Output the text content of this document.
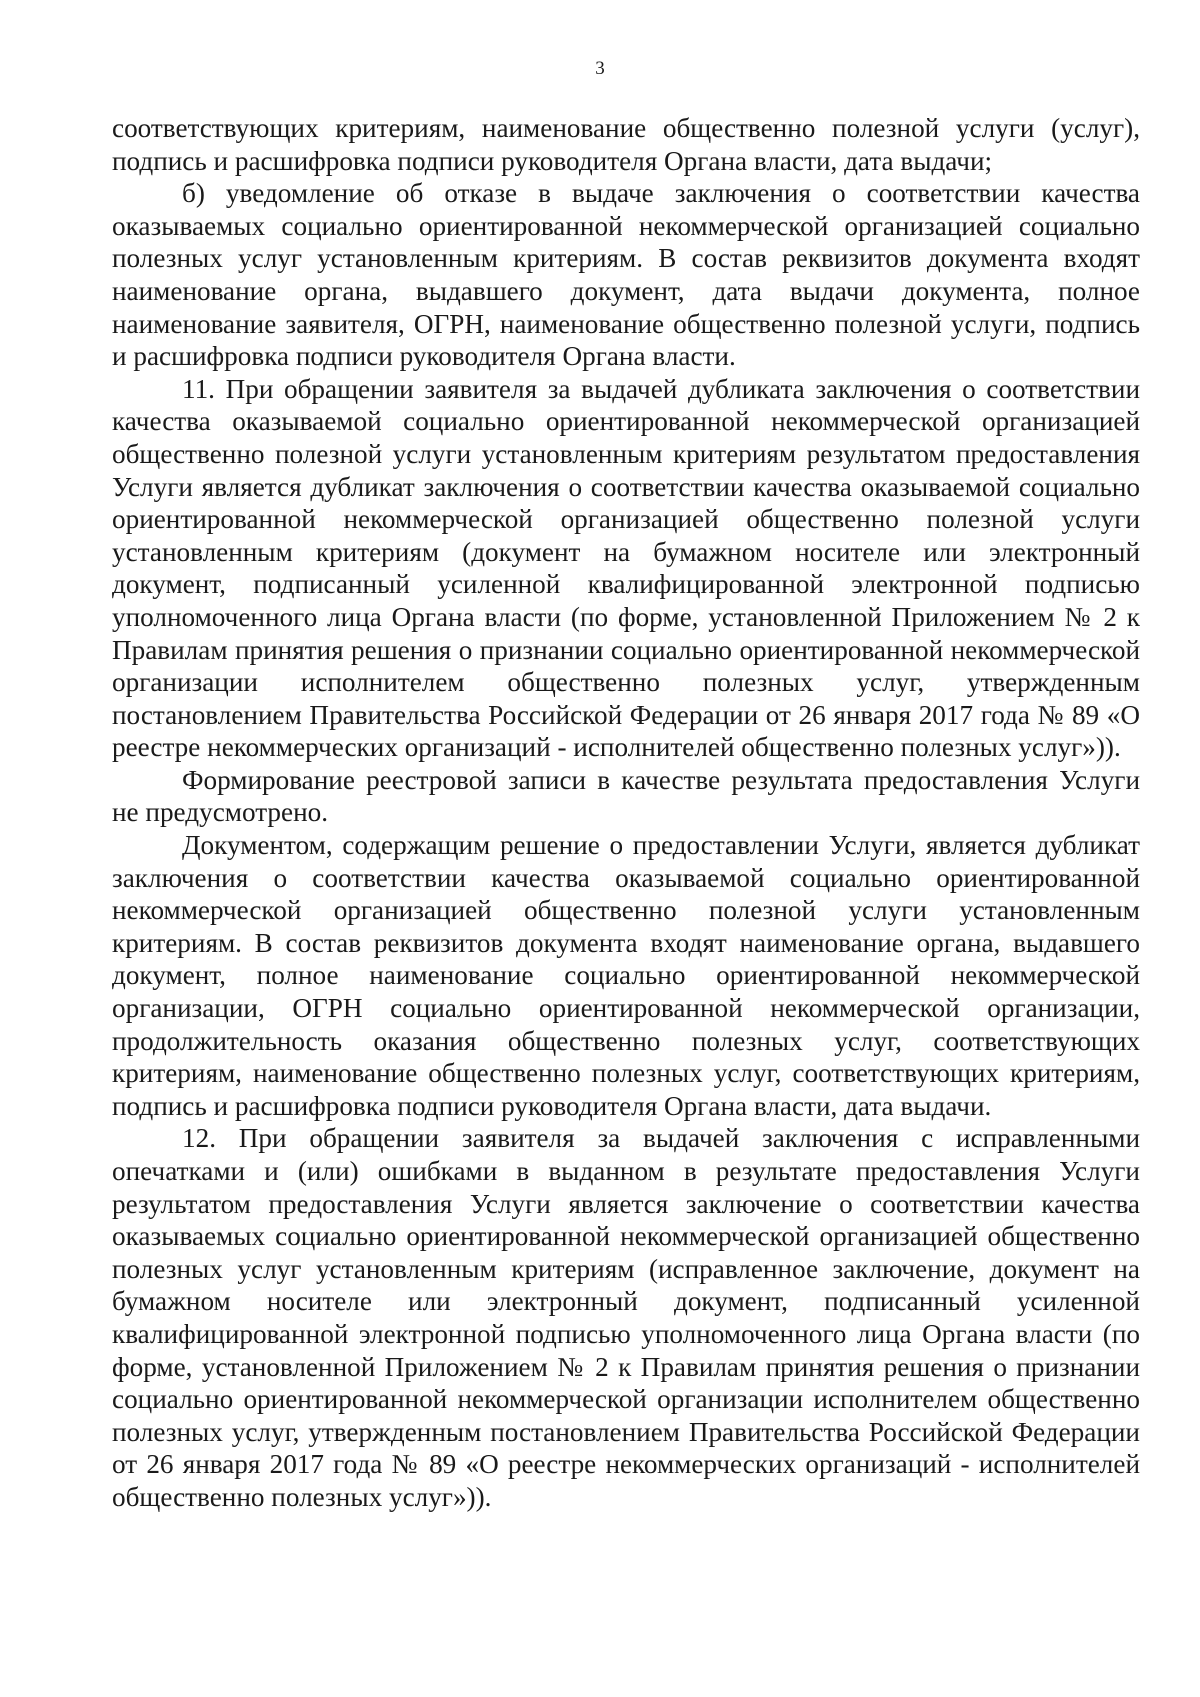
3

соответствующих критериям, наименование общественно полезной услуги (услуг), подпись и расшифровка подписи руководителя Органа власти, дата выдачи;

б) уведомление об отказе в выдаче заключения о соответствии качества оказываемых социально ориентированной некоммерческой организацией социально полезных услуг установленным критериям. В состав реквизитов документа входят наименование органа, выдавшего документ, дата выдачи документа, полное наименование заявителя, ОГРН, наименование общественно полезной услуги, подпись и расшифровка подписи руководителя Органа власти.

11. При обращении заявителя за выдачей дубликата заключения о соответствии качества оказываемой социально ориентированной некоммерческой организацией общественно полезной услуги установленным критериям результатом предоставления Услуги является дубликат заключения о соответствии качества оказываемой социально ориентированной некоммерческой организацией общественно полезной услуги установленным критериям (документ на бумажном носителе или электронный документ, подписанный усиленной квалифицированной электронной подписью уполномоченного лица Органа власти (по форме, установленной Приложением № 2 к Правилам принятия решения о признании социально ориентированной некоммерческой организации исполнителем общественно полезных услуг, утвержденным постановлением Правительства Российской Федерации от 26 января 2017 года № 89 «О реестре некоммерческих организаций - исполнителей общественно полезных услуг»)).

Формирование реестровой записи в качестве результата предоставления Услуги не предусмотрено.

Документом, содержащим решение о предоставлении Услуги, является дубликат заключения о соответствии качества оказываемой социально ориентированной некоммерческой организацией общественно полезной услуги установленным критериям. В состав реквизитов документа входят наименование органа, выдавшего документ, полное наименование социально ориентированной некоммерческой организации, ОГРН социально ориентированной некоммерческой организации, продолжительность оказания общественно полезных услуг, соответствующих критериям, наименование общественно полезных услуг, соответствующих критериям, подпись и расшифровка подписи руководителя Органа власти, дата выдачи.

12. При обращении заявителя за выдачей заключения с исправленными опечатками и (или) ошибками в выданном в результате предоставления Услуги результатом предоставления Услуги является заключение о соответствии качества оказываемых социально ориентированной некоммерческой организацией общественно полезных услуг установленным критериям (исправленное заключение, документ на бумажном носителе или электронный документ, подписанный усиленной квалифицированной электронной подписью уполномоченного лица Органа власти (по форме, установленной Приложением № 2 к Правилам принятия решения о признании социально ориентированной некоммерческой организации исполнителем общественно полезных услуг, утвержденным постановлением Правительства Российской Федерации от 26 января 2017 года № 89 «О реестре некоммерческих организаций - исполнителей общественно полезных услуг»)).
